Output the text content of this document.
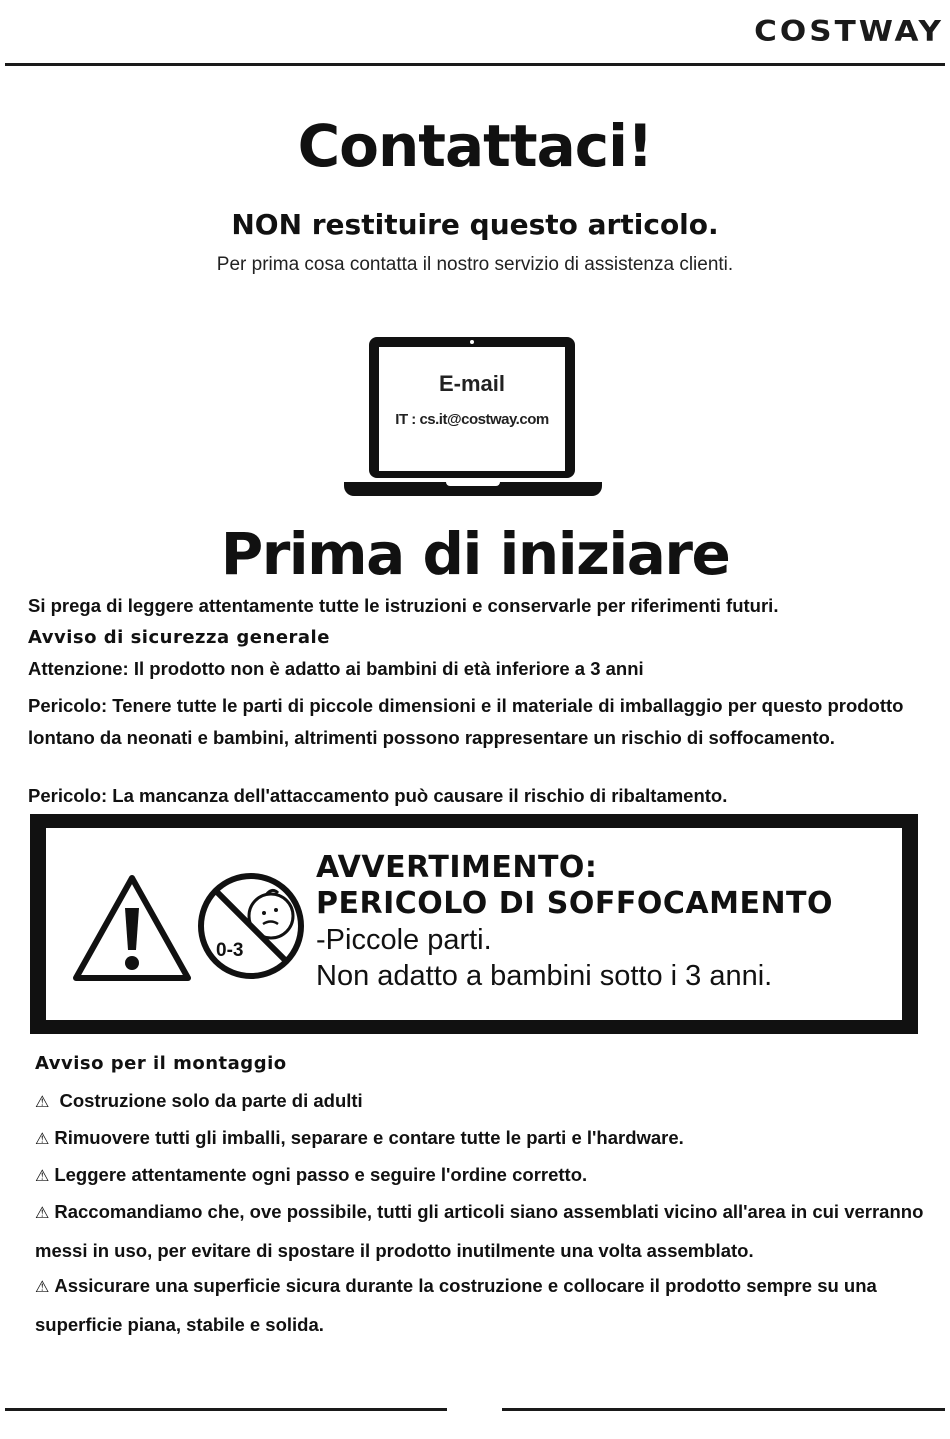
COSTWAY
Contattaci!
NON restituire questo articolo.
Per prima cosa contatta il nostro servizio di assistenza clienti.
E-mail
IT : cs.it@costway.com
Prima di iniziare
Si prega di leggere attentamente tutte le istruzioni e conservarle per riferimenti futuri.
Avviso di sicurezza generale
Attenzione: Il prodotto non è adatto ai bambini di età inferiore a 3 anni
Pericolo: Tenere tutte le parti di piccole dimensioni e il materiale di imballaggio per questo prodotto lontano da neonati e bambini, altrimenti possono rappresentare un rischio di soffocamento.
Pericolo: La mancanza dell'attaccamento può causare il rischio di ribaltamento.
0-3
AVVERTIMENTO:
PERICOLO DI SOFFOCAMENTO
-Piccole parti.
Non adatto a bambini sotto i 3 anni.
Avviso per il montaggio
⚠ Costruzione solo da parte di adulti
⚠ Rimuovere tutti gli imballi, separare e contare tutte le parti e l'hardware.
⚠ Leggere attentamente ogni passo e seguire l'ordine corretto.
⚠ Raccomandiamo che, ove possibile, tutti gli articoli siano assemblati vicino all'area in cui verranno messi in uso, per evitare di spostare il prodotto inutilmente una volta assemblato.
⚠ Assicurare una superficie sicura durante la costruzione e collocare il prodotto sempre su una superficie piana, stabile e solida.
